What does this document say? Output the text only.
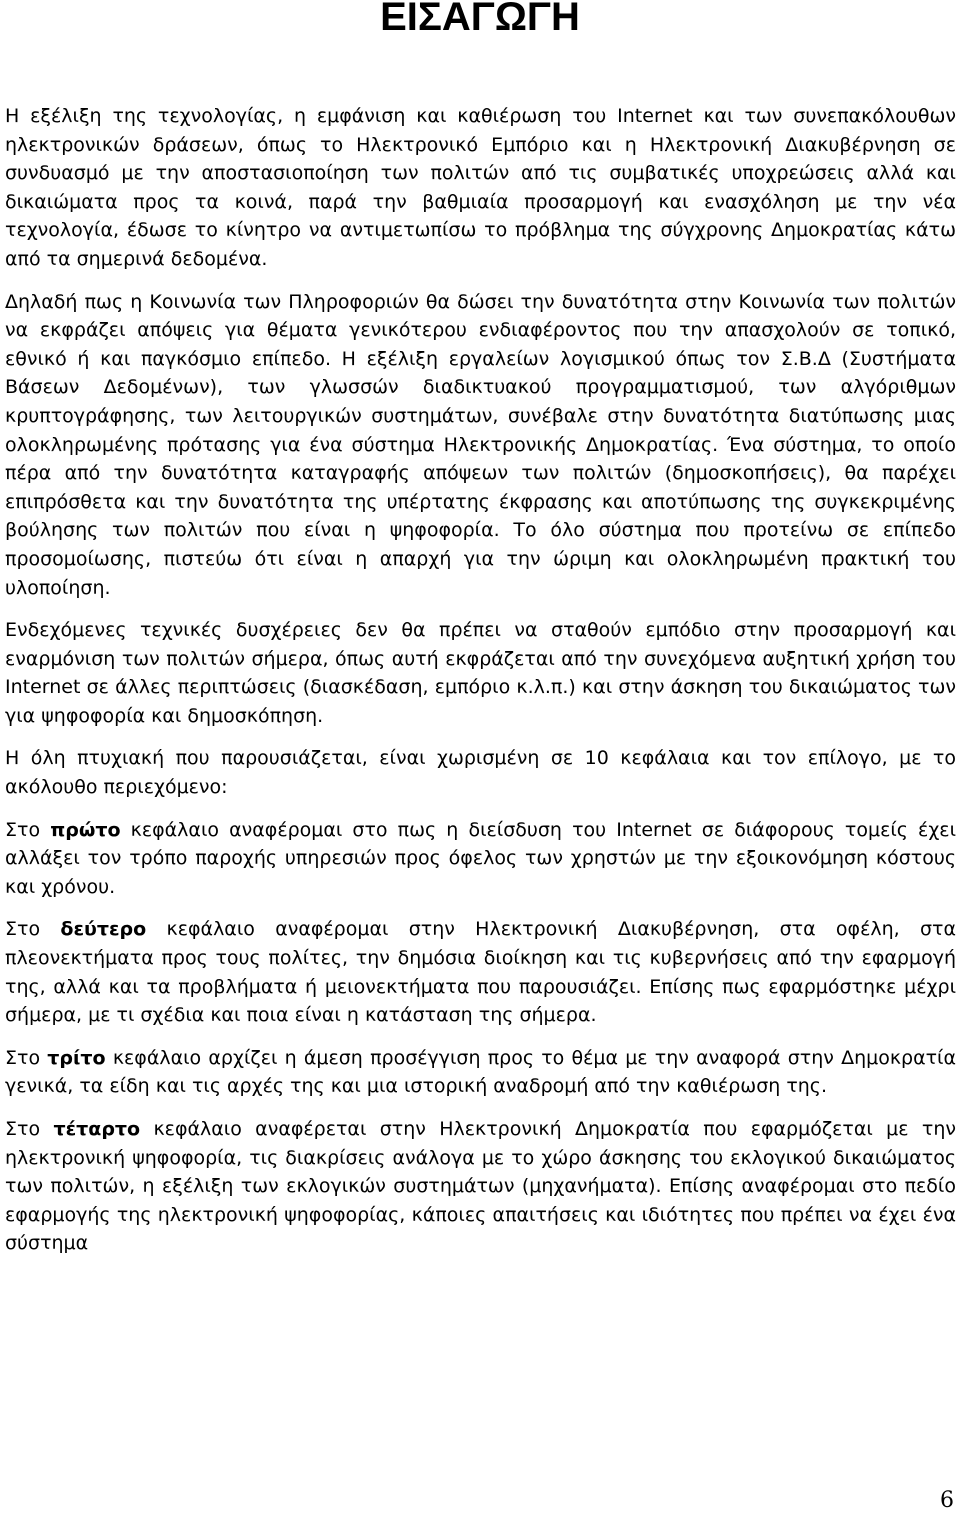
ΕΙΣΑΓΩΓΗ

Η εξέλιξη της τεχνολογίας, η εμφάνιση και καθιέρωση του Internet και των συνεπακόλουθων ηλεκτρονικών δράσεων, όπως το Ηλεκτρονικό Εμπόριο και η Ηλεκτρονική Διακυβέρνηση σε συνδυασμό με την αποστασιοποίηση των πολιτών από τις συμβατικές υποχρεώσεις αλλά και δικαιώματα προς τα κοινά, παρά την βαθμιαία προσαρμογή και ενασχόληση με την νέα τεχνολογία, έδωσε το κίνητρο να αντιμετωπίσω το πρόβλημα της σύγχρονης Δημοκρατίας κάτω από τα σημερινά δεδομένα.

Δηλαδή πως η Κοινωνία των Πληροφοριών θα δώσει την δυνατότητα στην Κοινωνία των πολιτών να εκφράζει απόψεις για θέματα γενικότερου ενδιαφέροντος που την απασχολούν σε τοπικό, εθνικό ή και παγκόσμιο επίπεδο. Η εξέλιξη εργαλείων λογισμικού όπως τον Σ.Β.Δ (Συστήματα Βάσεων Δεδομένων), των γλωσσών διαδικτυακού προγραμματισμού, των αλγόριθμων κρυπτογράφησης, των λειτουργικών συστημάτων, συνέβαλε στην δυνατότητα διατύπωσης μιας ολοκληρωμένης πρότασης για ένα σύστημα Ηλεκτρονικής Δημοκρατίας. Ένα σύστημα, το οποίο πέρα από την δυνατότητα καταγραφής απόψεων των πολιτών (δημοσκοπήσεις), θα παρέχει επιπρόσθετα και την δυνατότητα της υπέρτατης έκφρασης και αποτύπωσης της συγκεκριμένης βούλησης των πολιτών που είναι η ψηφοφορία. Το όλο σύστημα που προτείνω σε επίπεδο προσομοίωσης, πιστεύω ότι είναι η απαρχή για την ώριμη και ολοκληρωμένη πρακτική του υλοποίηση.

Ενδεχόμενες τεχνικές δυσχέρειες δεν θα πρέπει να σταθούν εμπόδιο στην προσαρμογή και εναρμόνιση των πολιτών σήμερα, όπως αυτή εκφράζεται από την συνεχόμενα αυξητική χρήση του Internet σε άλλες περιπτώσεις (διασκέδαση, εμπόριο κ.λ.π.) και στην άσκηση του δικαιώματος των για ψηφοφορία και δημοσκόπηση.

Η όλη πτυχιακή που παρουσιάζεται, είναι χωρισμένη σε 10 κεφάλαια και τον επίλογο, με το ακόλουθο περιεχόμενο:

Στο πρώτο κεφάλαιο αναφέρομαι στο πως η διείσδυση του Internet σε διάφορους τομείς έχει αλλάξει τον τρόπο παροχής υπηρεσιών προς όφελος των χρηστών με την εξοικονόμηση κόστους και χρόνου.

Στο δεύτερο κεφάλαιο αναφέρομαι στην Ηλεκτρονική Διακυβέρνηση, στα οφέλη, στα πλεονεκτήματα προς τους πολίτες, την δημόσια διοίκηση και τις κυβερνήσεις από την εφαρμογή της, αλλά και τα προβλήματα ή μειονεκτήματα που παρουσιάζει. Επίσης πως εφαρμόστηκε μέχρι σήμερα, με τι σχέδια και ποια είναι η κατάσταση της σήμερα.

Στο τρίτο κεφάλαιο αρχίζει η άμεση προσέγγιση προς το θέμα με την αναφορά στην Δημοκρατία γενικά, τα είδη και τις αρχές της και μια ιστορική αναδρομή από την καθιέρωση της.

Στο τέταρτο κεφάλαιο αναφέρεται στην Ηλεκτρονική Δημοκρατία που εφαρμόζεται με την ηλεκτρονική ψηφοφορία, τις διακρίσεις ανάλογα με το χώρο άσκησης του εκλογικού δικαιώματος των πολιτών, η εξέλιξη των εκλογικών συστημάτων (μηχανήματα). Επίσης αναφέρομαι στο πεδίο εφαρμογής της ηλεκτρονική ψηφοφορίας, κάποιες απαιτήσεις και ιδιότητες που πρέπει να έχει ένα σύστημα

6
